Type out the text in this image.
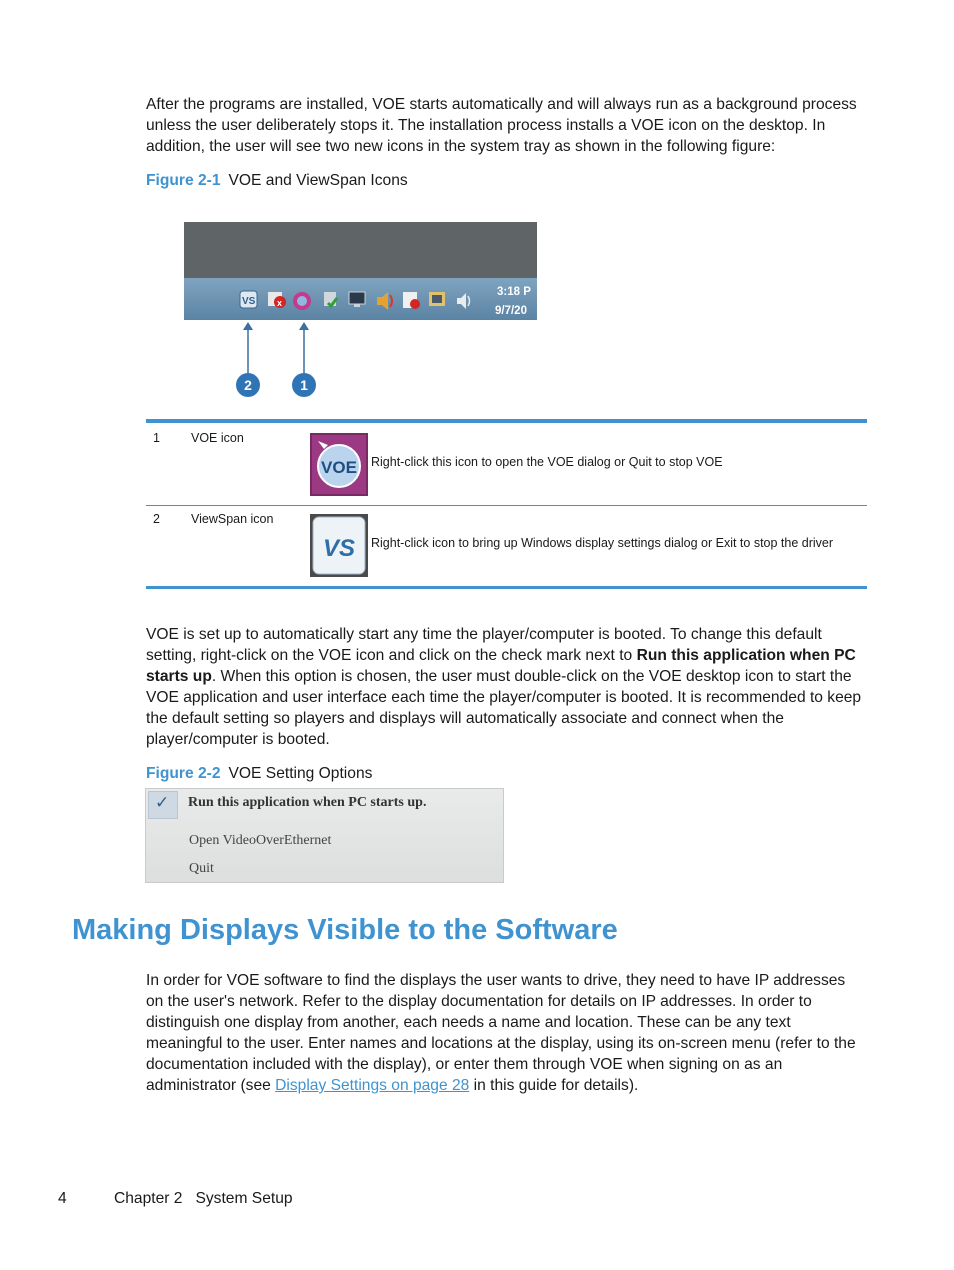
After the programs are installed, VOE starts automatically and will always run as a background process unless the user deliberately stops it. The installation process installs a VOE icon on the desktop. In addition, the user will see two new icons in the system tray as shown in the following figure:

Figure 2-1 VOE and ViewSpan Icons
VS x
3:18 P
9/7/20
2	1
1 VOE icon
VOE Right-click this icon to open the VOE dialog or Quit to stop VOE
2 ViewSpan icon
VS Right-click icon to bring up Windows display settings dialog or Exit to stop the driver

VOE is set up to automatically start any time the player/computer is booted. To change this default setting, right-click on the VOE icon and click on the check mark next to Run this application when PC starts up. When this option is chosen, the user must double-click on the VOE desktop icon to start the VOE application and user interface each time the player/computer is booted. It is recommended to keep the default setting so players and displays will automatically associate and connect when the player/computer is booted.

Figure 2-2 VOE Setting Options
✓ Run this application when PC starts up.
Open VideoOverEthernet
Quit
Making Displays Visible to the Software

In order for VOE software to find the displays the user wants to drive, they need to have IP addresses on the user's network. Refer to the display documentation for details on IP addresses. In order to distinguish one display from another, each needs a name and location. These can be any text meaningful to the user. Enter names and locations at the display, using its on-screen menu (refer to the documentation included with the display), or enter them through VOE when signing on as an administrator (see Display Settings on page 28 in this guide for details).

4	Chapter 2   System Setup
